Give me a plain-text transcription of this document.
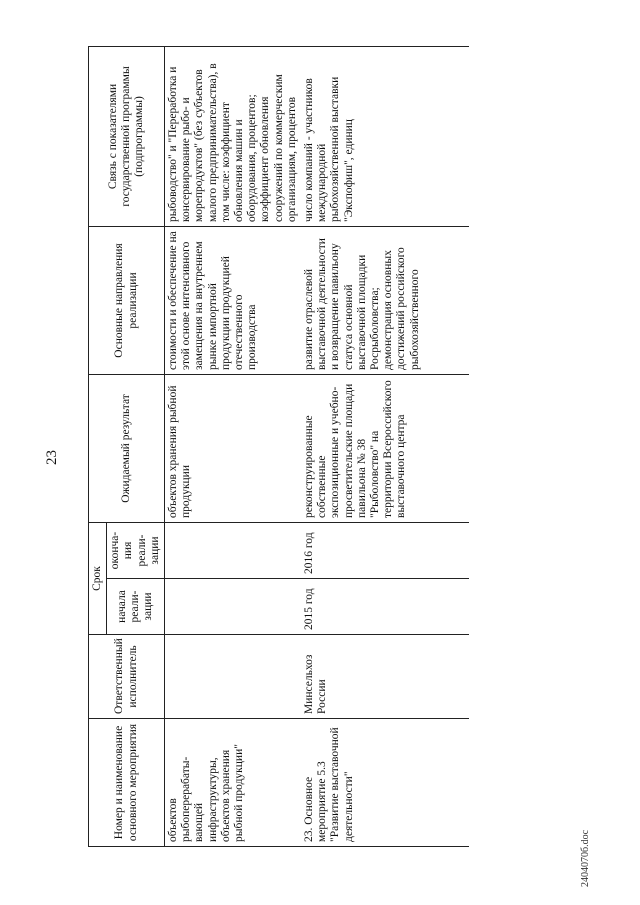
23
Номер и наименование основного мероприятия	Ответственный исполнитель	Срок		Ожидаемый результат	Основные направления реализации	Связь с показателями государственной программы (подпрограммы)
		начала реали-зации	оконча-ния реали-зации			
объектов рыбоперерабаты-вающей инфраструктуры, объектов хранения рыбной продукции"				объектов хранения рыбной продукции	стоимости и обеспечение на этой основе интенсивного замещения на внутреннем рынке импортной продукции продукцией отечественного производства	рыбоводство" и "Переработка и консервирование рыбо- и морепродуктов" (без субъектов малого предпринимательства), в том числе: коэффициент обновления машин и оборудования, процентов; коэффициент обновления сооружений по коммерческим организациям, процентов
23. Основное мероприятие 5.3 "Развитие выставочной деятельности"	Минсельхоз России	2015 год	2016 год	реконструированные собственные экспозиционные и учебно-просветительские площади павильона № 38 "Рыболовство" на территории Всероссийского выставочного центра	развитие отраслевой выставочной деятельности и возвращение павильону статуса основной выставочной площадки Росрыболовства; демонстрация основных достижений российского рыбохозяйственного	число компаний - участников международной рыбохозяйственной выставки "Экспофиш", единиц
2404070б.doc
